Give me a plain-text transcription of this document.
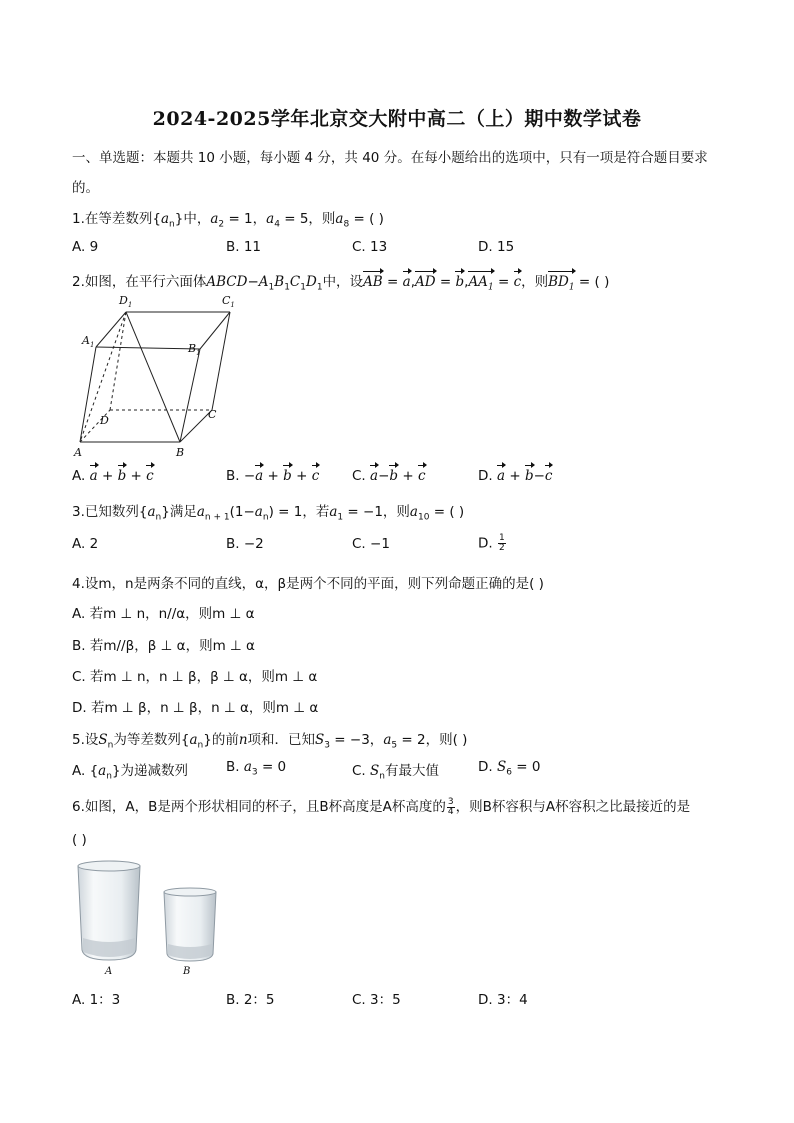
2024-2025学年北京交大附中高二（上）期中数学试卷
一、单选题：本题共 10 小题，每小题 4 分，共 40 分。在每小题给出的选项中，只有一项是符合题目要求
的。
1.在等差数列$\{a_n\}$中，$a_2 = 1$，$a_4 = 5$，则$a_8$ = ( )
A. 9	B. 11	C. 13	D. 15
2.如图，在平行六面体$ABCD-A_1B_1C_1D_1$中，设AB = $a,AD = b,AA_1 = c$，则$BD_1$ = ( )
$D_1$	$C_1$
$A_1$	$B_1$
D	C
A	B
A. a + b + c	B. −a + b + c C. a−b + c	D. a + b−c
3.已知数列$\{a_n\}$满足$a_{n + 1}(1-a_n) = 1$，若$a_1 = -1$，则$a_{10}$ = ( )
A. 2	B. −2	C. −1	D. $\frac{1}{2}$
4.设m，n是两条不同的直线，α，β是两个不同的平面，则下列命题正确的是( )
A. 若m ⊥ n，n//α，则m ⊥ α
B. 若m//β，β ⊥ α，则m ⊥ α
C. 若m ⊥ n，n ⊥ β，β ⊥ α，则m ⊥ α
D. 若m ⊥ β，n ⊥ β，n ⊥ α，则m ⊥ α
5.设$S_n$为等差数列$\{a_n\}$的前n项和．已知$S_3 = -3$，$a_5 = 2$，则( )
A. $\{a_n\}$为递减数列	B. $a_3 = 0$	C. $S_n$有最大值	D. $S_6 = 0$
6.如图，A，B是两个形状相同的杯子，且B杯高度是A杯高度的 $\frac{3}{4}$ ，则B杯容积与A杯容积之比最接近的是
( )
A	B
A. 1：3	B. 2：5	C. 3：5	D. 3：4
